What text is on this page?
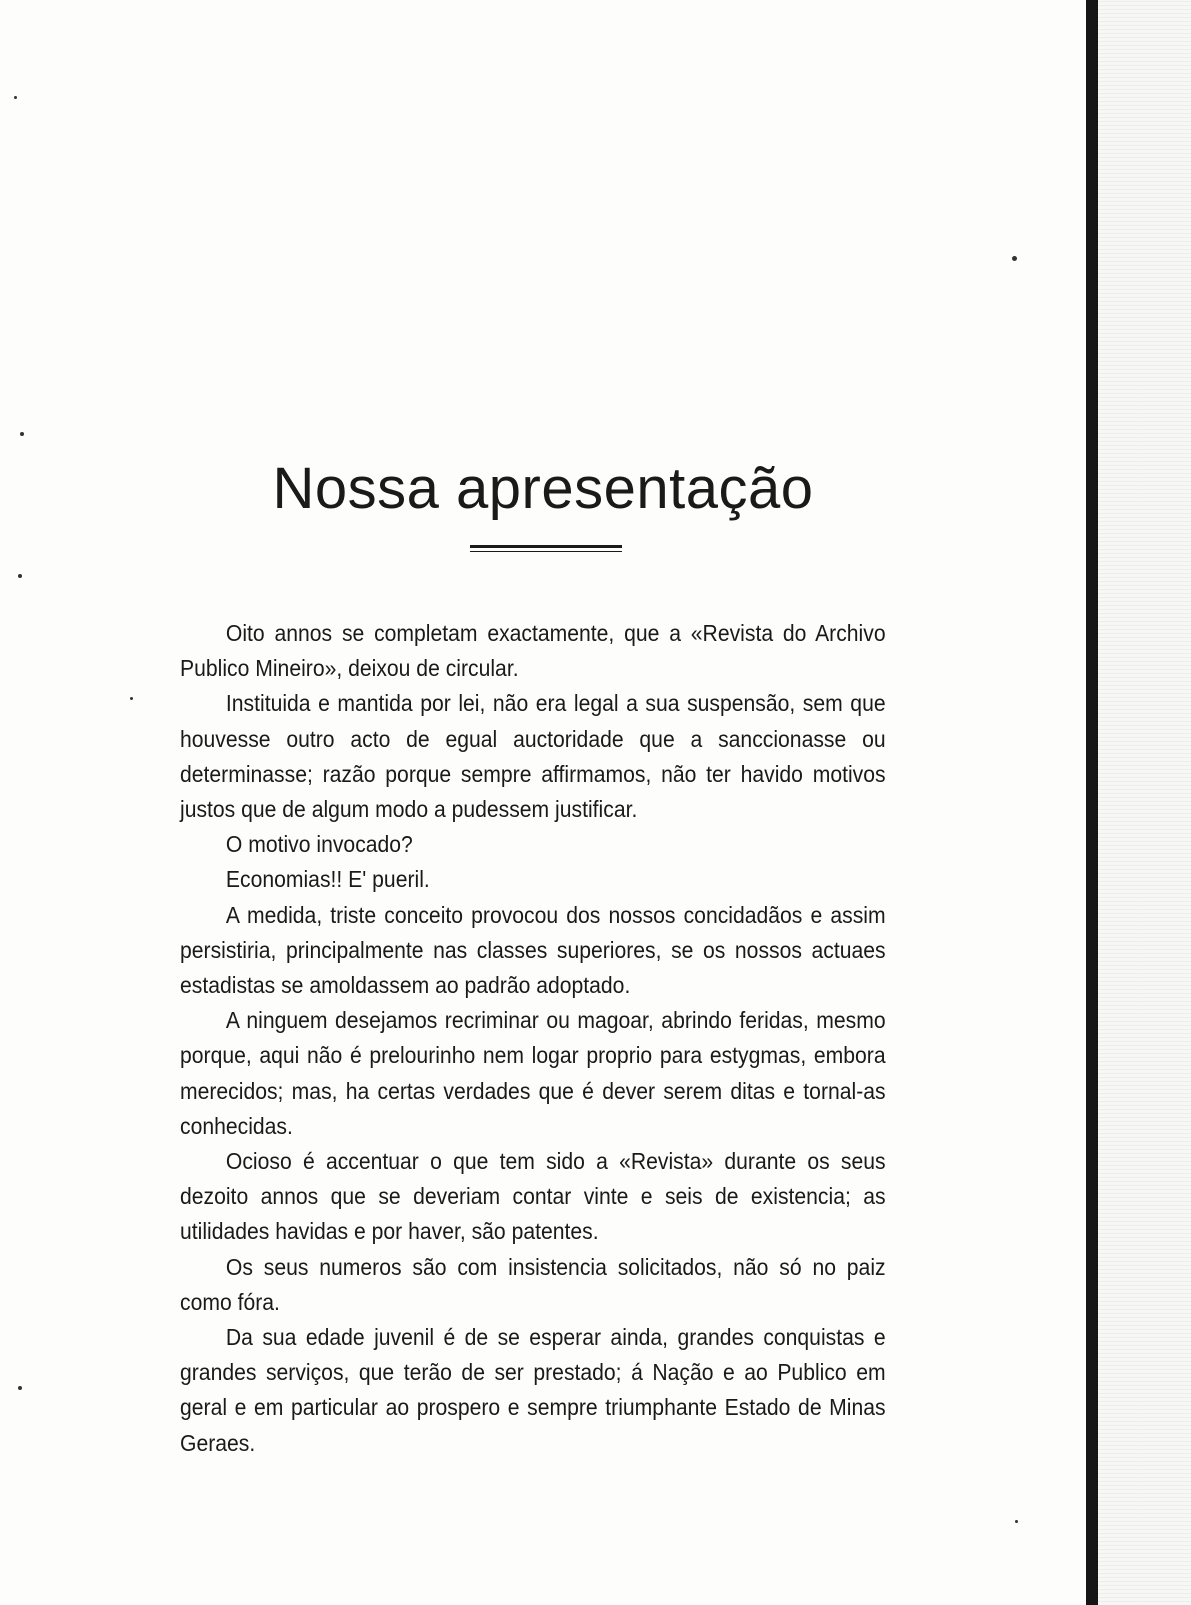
Nossa apresentação

Oito annos se completam exactamente, que a «Revista do Archivo Publico Mineiro», deixou de circular.

Instituida e mantida por lei, não era legal a sua suspensão, sem que houvesse outro acto de egual auctoridade que a sanccionasse ou determinasse; razão porque sempre affirmamos, não ter havido motivos justos que de algum modo a pudessem justificar.

O motivo invocado?

Economias!! E' pueril.

A medida, triste conceito provocou dos nossos concidadãos e assim persistiria, principalmente nas classes superiores, se os nossos actuaes estadistas se amoldassem ao padrão adoptado.

A ninguem desejamos recriminar ou magoar, abrindo feridas, mesmo porque, aqui não é prelourinho nem logar proprio para estygmas, embora merecidos; mas, ha certas verdades que é dever serem ditas e tornal-as conhecidas.

Ocioso é accentuar o que tem sido a «Revista» durante os seus dezoito annos que se deveriam contar vinte e seis de existencia; as utilidades havidas e por haver, são patentes.

Os seus numeros são com insistencia solicitados, não só no paiz como fóra.

Da sua edade juvenil é de se esperar ainda, grandes conquistas e grandes serviços, que terão de ser prestado; á Nação e ao Publico em geral e em particular ao prospero e sempre triumphante Estado de Minas Geraes.
